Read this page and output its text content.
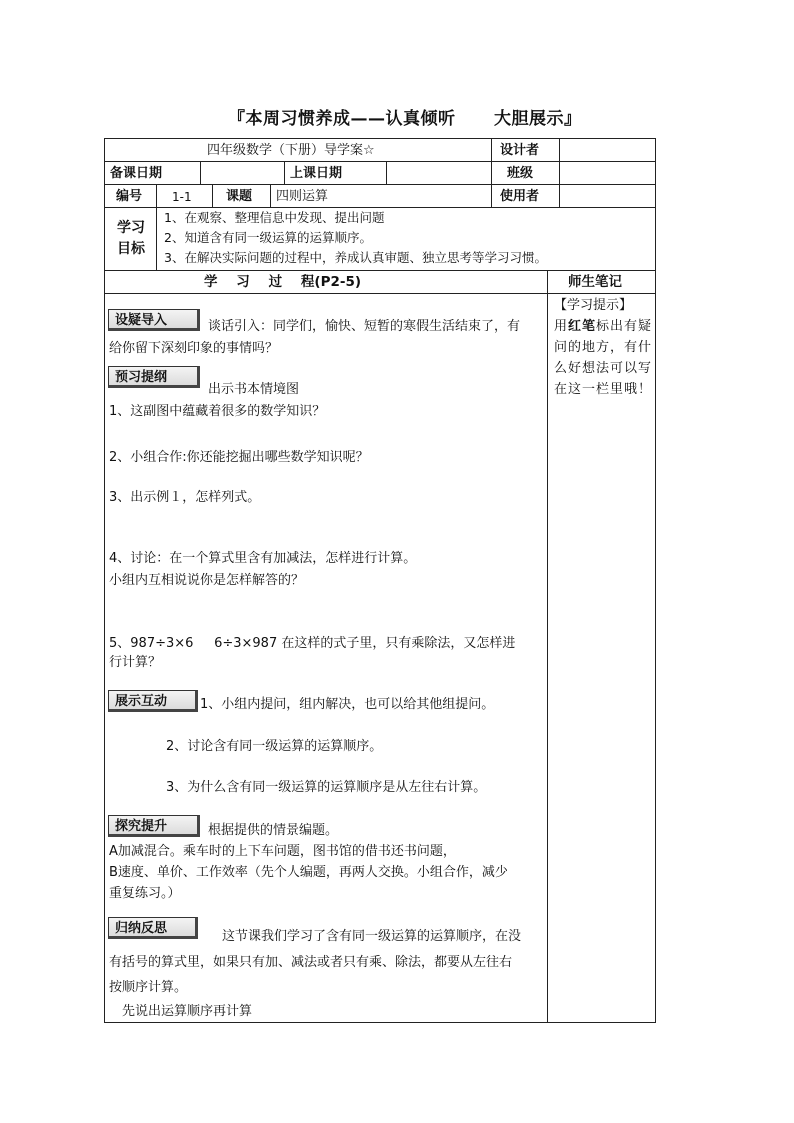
『本周习惯养成——认真倾听      大胆展示』
四年级数学（下册）导学案☆	设计者
备课日期	上课日期	班级
编号 1-1	课题 四则运算	使用者
学习
目标
1、在观察、整理信息中发现、提出问题
2、知道含有同一级运算的运算顺序。
3、在解决实际问题的过程中，养成认真审题、独立思考等学习习惯。
学    习    过    程(P2-5)	师生笔记
【学习提示】
用红笔标出有疑问的地方，有什么好想法可以写在这一栏里哦！
设疑导入	谈话引入：同学们，愉快、短暂的寒假生活结束了，有
给你留下深刻印象的事情吗？
预习提纲
出示书本情境图
1、这副图中蕴藏着很多的数学知识？
2、小组合作:你还能挖掘出哪些数学知识呢？
3、出示例１，怎样列式。
4、讨论：在一个算式里含有加减法，怎样进行计算。
小组内互相说说你是怎样解答的？
5、987÷3×6     6÷3×987 在这样的式子里，只有乘除法，又怎样进
行计算？
展示互动	1、小组内提问，组内解决，也可以给其他组提问。
2、讨论含有同一级运算的运算顺序。
3、为什么含有同一级运算的运算顺序是从左往右计算。
探究提升	根据提供的情景编题。
A加减混合。乘车时的上下车问题，图书馆的借书还书问题，
B速度、单价、工作效率（先个人编题，再两人交换。小组合作，减少
重复练习。）
归纳反思
这节课我们学习了含有同一级运算的运算顺序，在没
有括号的算式里，如果只有加、减法或者只有乘、除法，都要从左往右
按顺序计算。
先说出运算顺序再计算
